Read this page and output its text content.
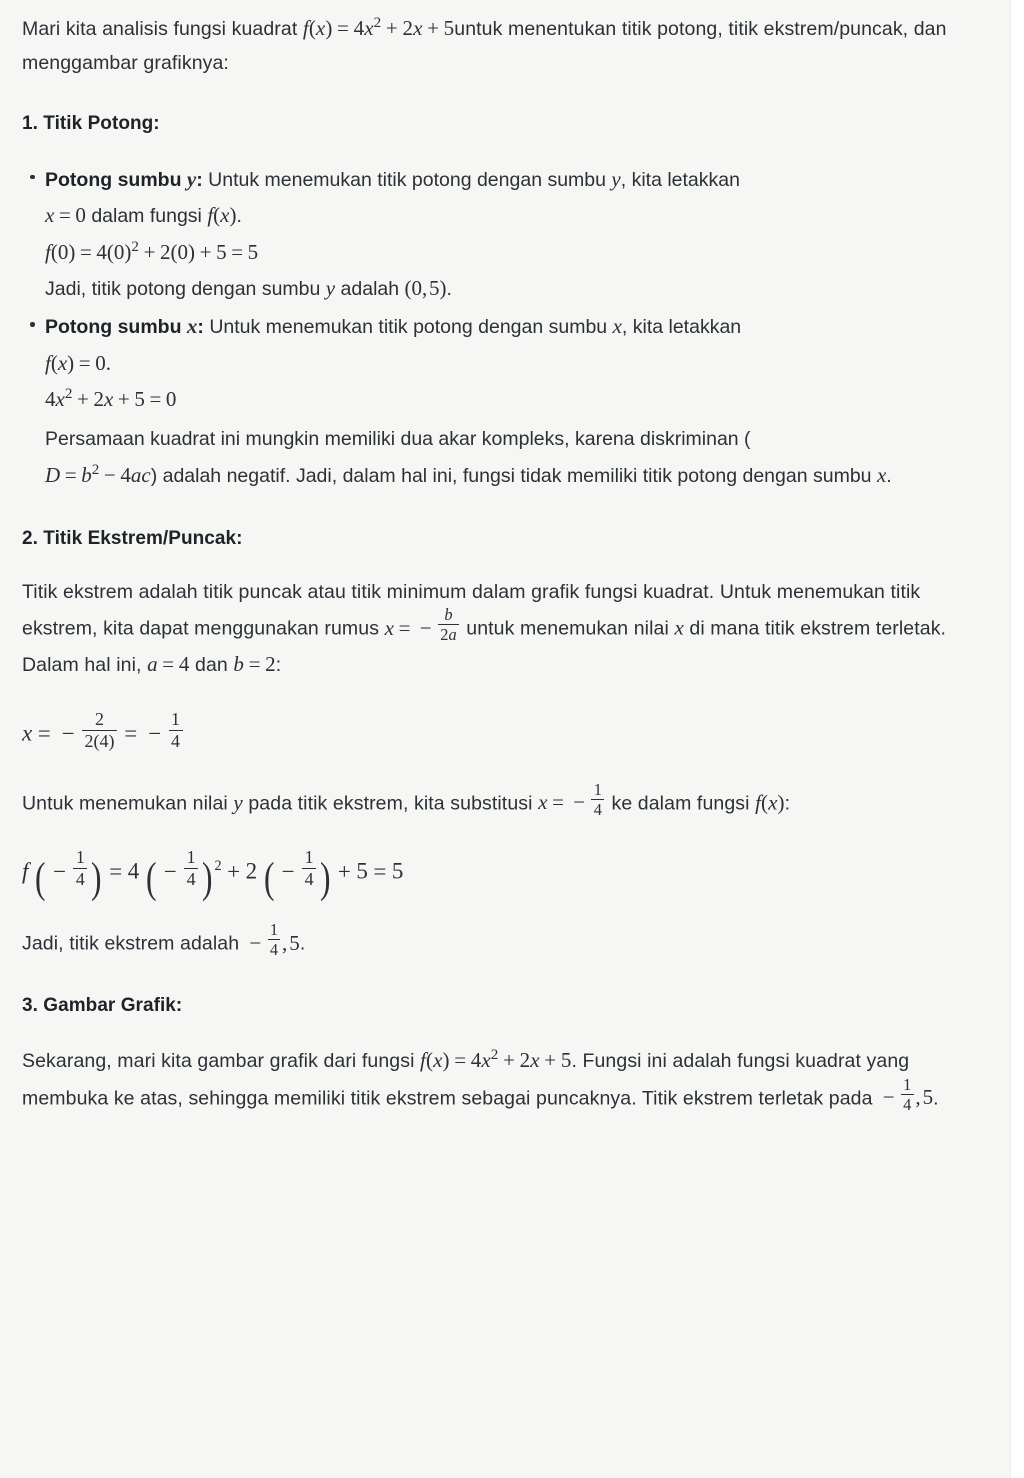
Mari kita analisis fungsi kuadrat $f(x) = 4x^2 + 2x$ + 5untuk menentukan titik potong, titik ekstrem/puncak, dan menggambar grafiknya:

1. Titik Potong:
Potong sumbu y: Untuk menemukan titik potong dengan sumbu y, kita letakkan
x = 0 dalam fungsi f(x).
$f(0) = 4(0)^2 + 2(0) + 5 = 5$
Jadi, titik potong dengan sumbu y adalah (0, 5).
Potong sumbu x: Untuk menemukan titik potong dengan sumbu x, kita letakkan
f(x) = 0.
$4x^2 + 2x + 5 = 0$
Persamaan kuadrat ini mungkin memiliki dua akar kompleks, karena diskriminan (
$D = b^2 - 4ac$) adalah negatif. Jadi, dalam hal ini, fungsi tidak memiliki titik potong dengan sumbu x.
2. Titik Ekstrem/Puncak:

Titik ekstrem adalah titik puncak atau titik minimum dalam grafik fungsi kuadrat. Untuk menemukan titik ekstrem, kita dapat menggunakan rumus x = − $\frac{b}{2a}$ untuk menemukan nilai x di mana titik ekstrem terletak. Dalam hal ini, a = 4 dan b = 2:

x = − $\frac{2}{2(4)}$ = − $\frac{1}{4}$

Untuk menemukan nilai y pada titik ekstrem, kita substitusi x = − $\frac{1}{4}$ ke dalam fungsi f(x):

f  ( − $\frac{1}{4}$ ) = 4  ( − $\frac{1}{4}$ ) $^2$ + 2  ( − $\frac{1}{4}$ ) + 5 = 5

Jadi, titik ekstrem adalah − $\frac{1}{4}$ , 5.

3. Gambar Grafik:

Sekarang, mari kita gambar grafik dari fungsi $f(x) = 4x^2 + 2x + 5$. Fungsi ini adalah fungsi kuadrat yang membuka ke atas, sehingga memiliki titik ekstrem sebagai puncaknya. Titik ekstrem terletak pada − $\frac{1}{4}$ , 5.
